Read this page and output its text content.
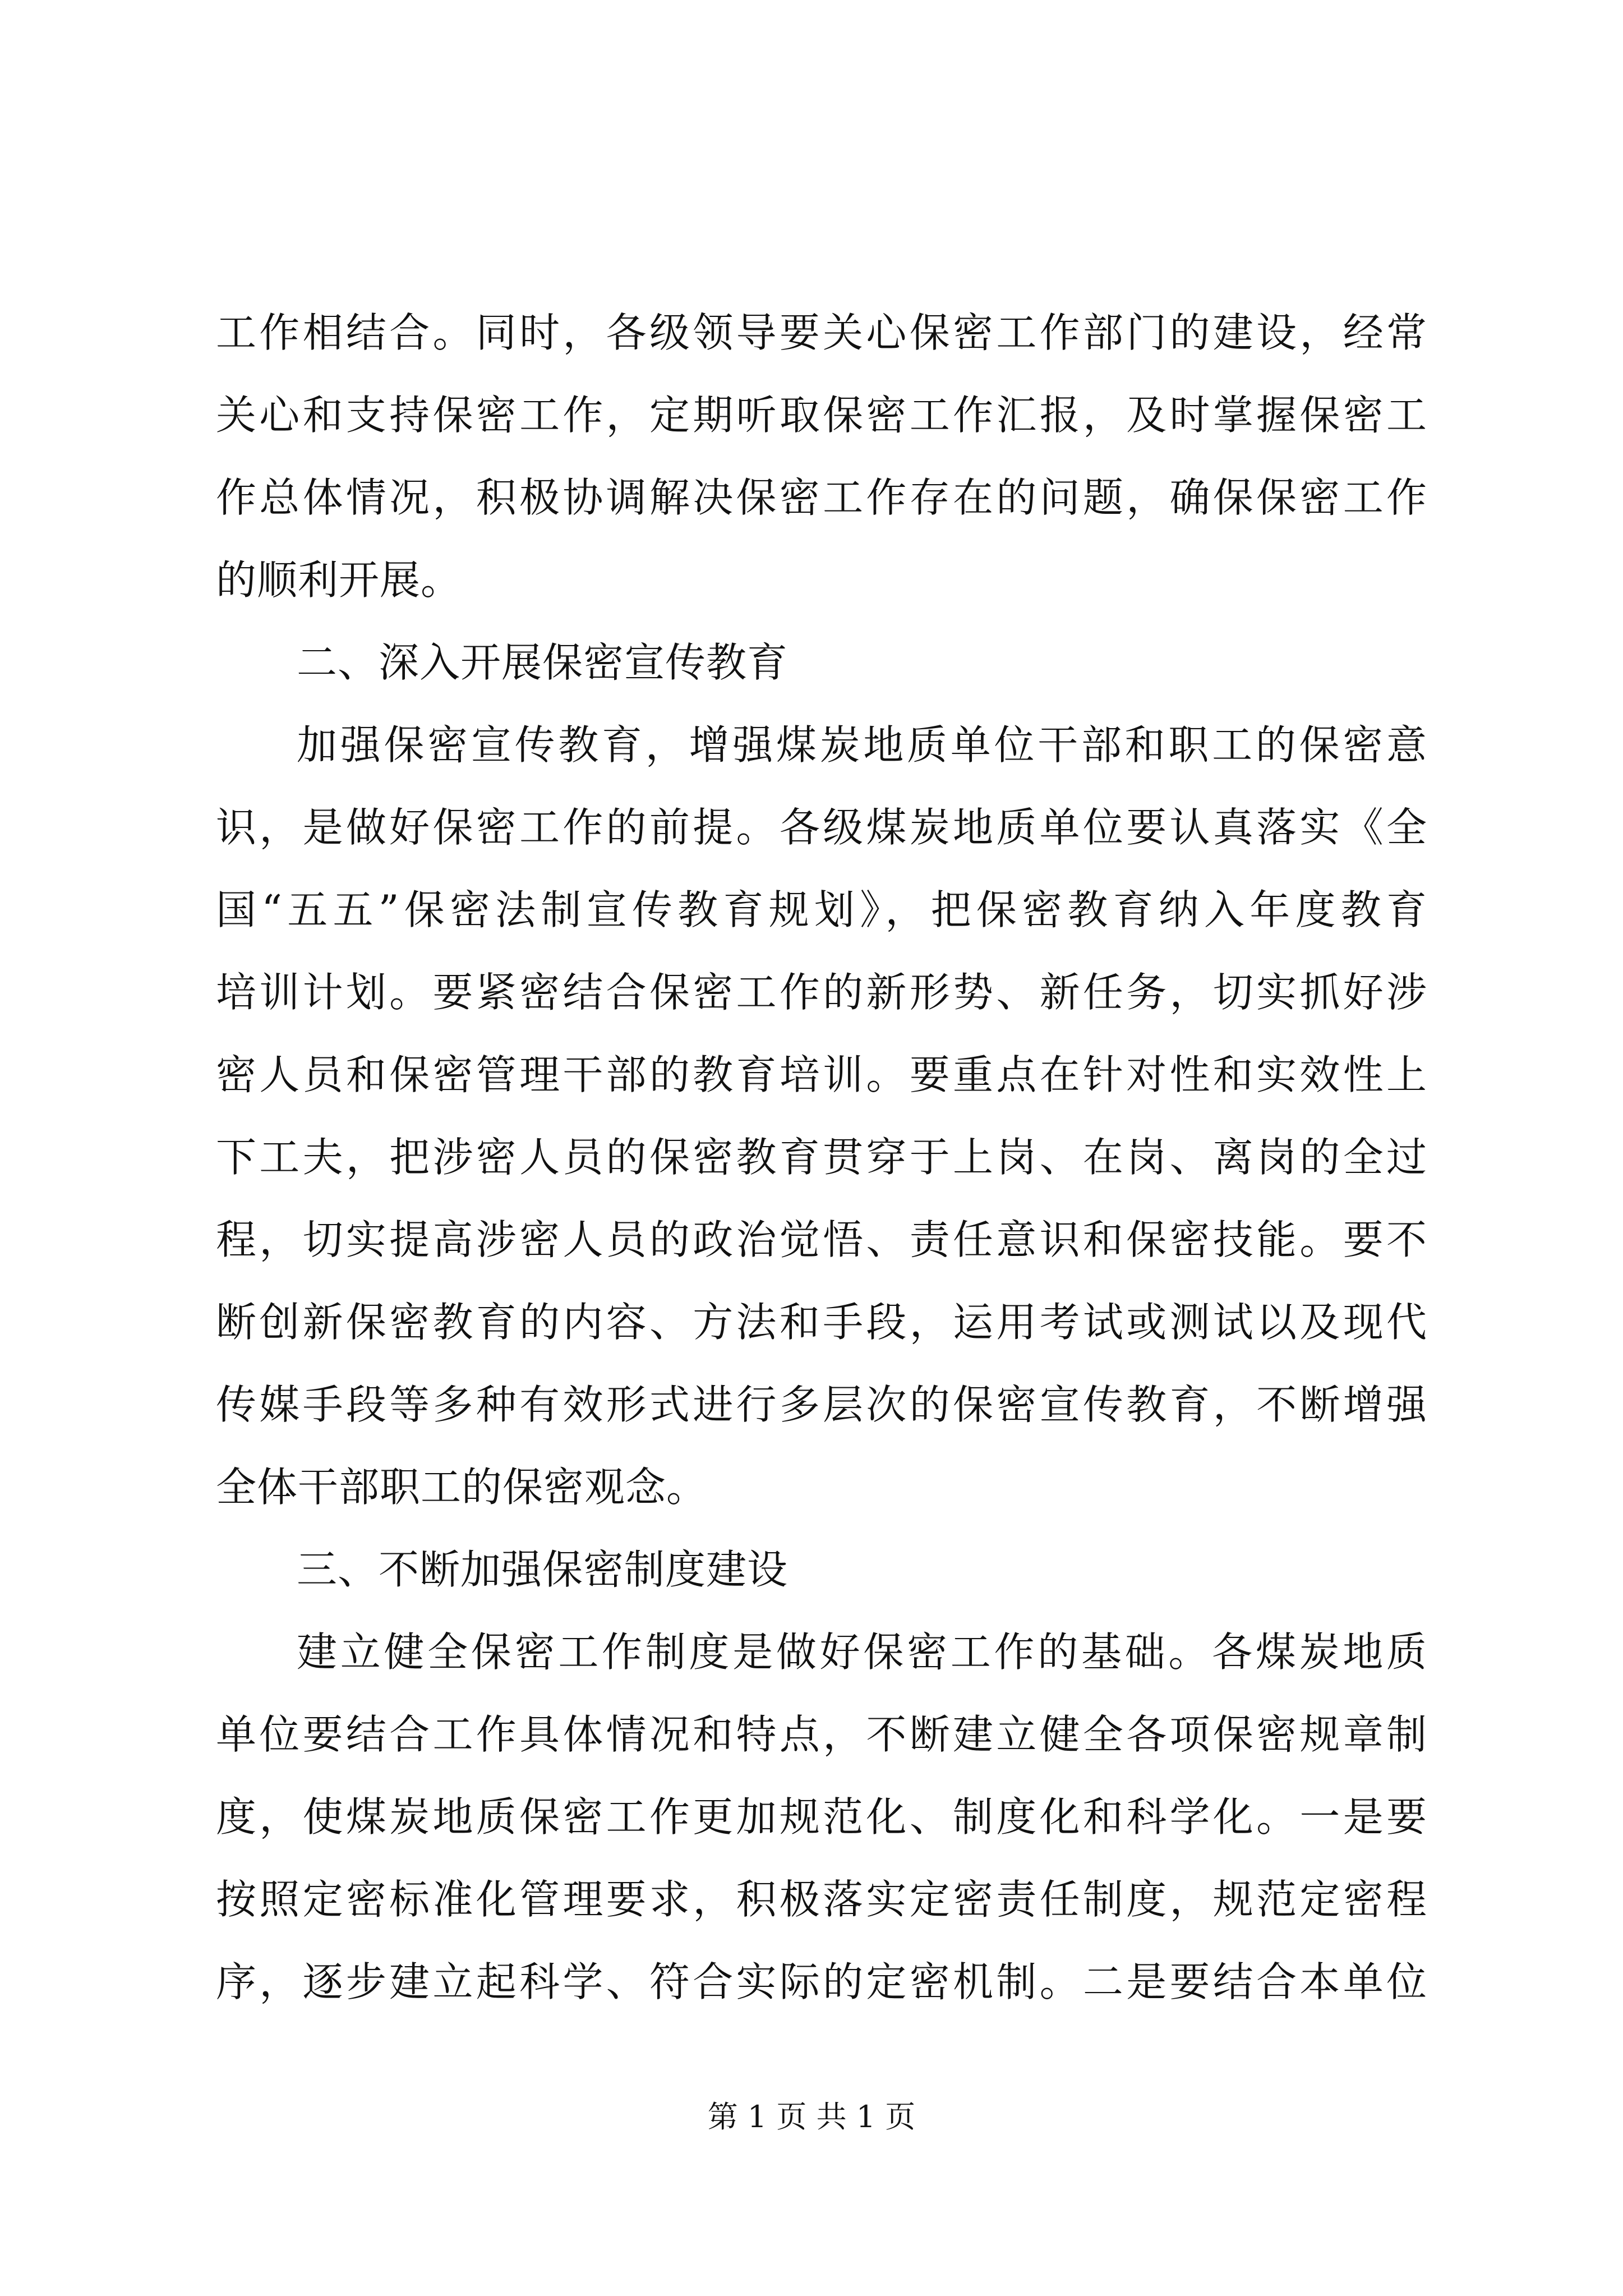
工作相结合。同时，各级领导要关心保密工作部门的建设，经常
关心和支持保密工作，定期听取保密工作汇报，及时掌握保密工
作总体情况，积极协调解决保密工作存在的问题，确保保密工作
的顺利开展。
二、深入开展保密宣传教育
加强保密宣传教育，增强煤炭地质单位干部和职工的保密意
识，是做好保密工作的前提。各级煤炭地质单位要认真落实《全
国“五五”保密法制宣传教育规划》，把保密教育纳入年度教育
培训计划。要紧密结合保密工作的新形势、新任务，切实抓好涉
密人员和保密管理干部的教育培训。要重点在针对性和实效性上
下工夫，把涉密人员的保密教育贯穿于上岗、在岗、离岗的全过
程，切实提高涉密人员的政治觉悟、责任意识和保密技能。要不
断创新保密教育的内容、方法和手段，运用考试或测试以及现代
传媒手段等多种有效形式进行多层次的保密宣传教育，不断增强
全体干部职工的保密观念。
三、不断加强保密制度建设
建立健全保密工作制度是做好保密工作的基础。各煤炭地质
单位要结合工作具体情况和特点，不断建立健全各项保密规章制
度，使煤炭地质保密工作更加规范化、制度化和科学化。一是要
按照定密标准化管理要求，积极落实定密责任制度，规范定密程
序，逐步建立起科学、符合实际的定密机制。二是要结合本单位
第 1 页 共 1 页
